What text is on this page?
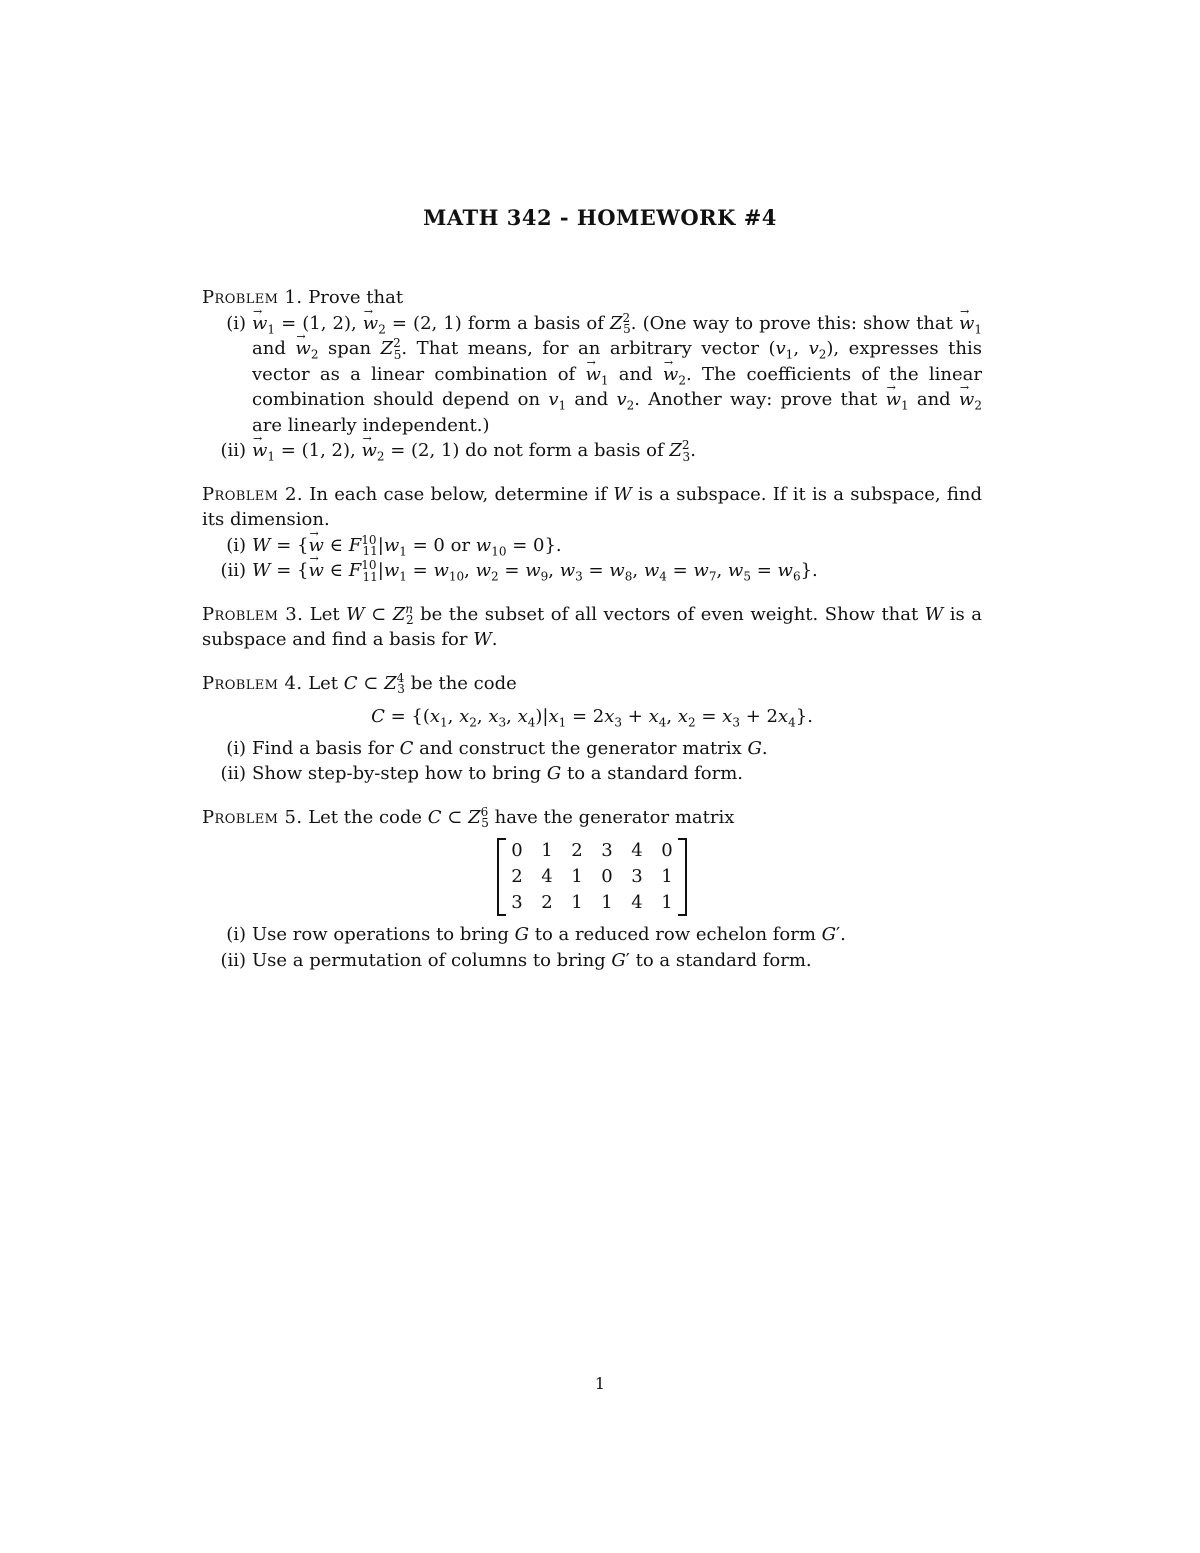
MATH 342 - HOMEWORK #4
Problem 1. Prove that
(i)
→ $w_1 = (1$, 2), → $w_2 = (2$, 1) form a basis of $Z^2_5$. (One way to prove this: show that → $w_1$ and → $w_2$ span $Z^2_5$. That means, for an arbitrary vector ($v_1$, $v_2$), expresses this vector as a linear combination of → $w_1$ and → $w_2$. The coefficients of the linear combination should depend on $v_1$ and $v_2$. Another way: prove that → $w_1$ and → $w_2$ are linearly independent.)
(ii)
→ $w_1 = (1$, 2), → $w_2 = (2$, 1) do not form a basis of $Z^2_3$.
Problem 2. In each case below, determine if W is a subspace. If it is a subspace, find its dimension.
(i) W = {→ w ∈ $F^{10}_{11}|w_1 = 0$ or $w_{10} = 0$}.
(ii) W = {→ w ∈ $F^{10}_{11}|w_1 = w_{10}$, $w_2 = w_9$, $w_3 = w_8$, $w_4 = w_7$, $w_5 = w_6$}.
Problem 3. Let W ⊂ $Z^n_2$ be the subset of all vectors of even weight. Show that W is a subspace and find a basis for W.
Problem 4. Let C ⊂ $Z^4_3$ be the code
$C = \{(x_1$, $x_2$, $x_3$, $x_4)|x_1 = 2x_3 + x_4$, $x_2 = x_3 + 2x_4$}.
(i) Find a basis for C and construct the generator matrix G.
(ii) Show step-by-step how to bring G to a standard form.
Problem 5. Let the code C ⊂ $Z^6_5$ have the generator matrix
0	1	2	3	4	0
2	4	1	0	3	1
3	2	1	1	4	1
(i) Use row operations to bring G to a reduced row echelon form G′.
(ii) Use a permutation of columns to bring G′ to a standard form.
1
